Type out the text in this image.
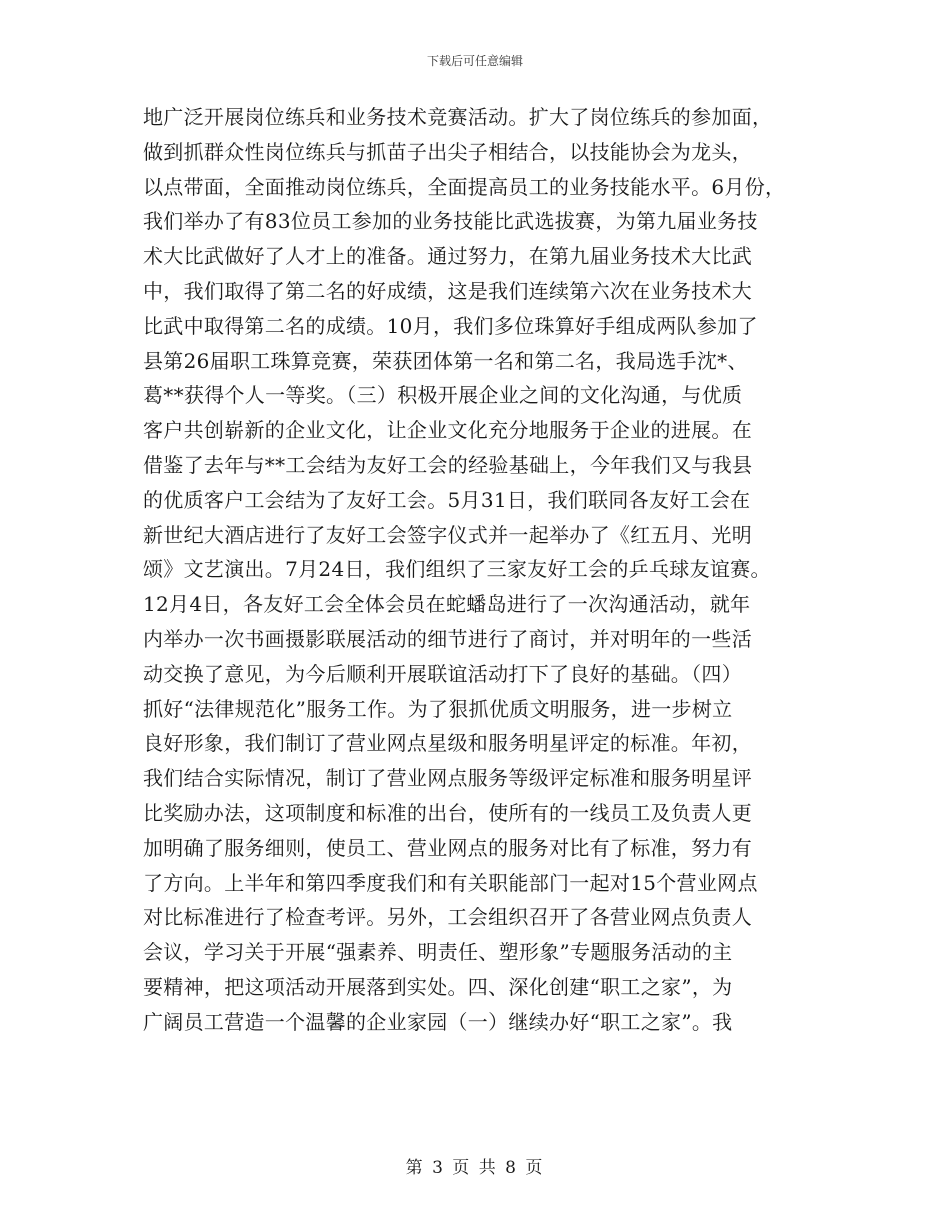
下载后可任意编辑
地广泛开展岗位练兵和业务技术竞赛活动。扩大了岗位练兵的参加面，
做到抓群众性岗位练兵与抓苗子出尖子相结合，以技能协会为龙头，
以点带面，全面推动岗位练兵，全面提高员工的业务技能水平。6月份，
我们举办了有83位员工参加的业务技能比武选拔赛，为第九届业务技
术大比武做好了人才上的准备。通过努力，在第九届业务技术大比武
中，我们取得了第二名的好成绩，这是我们连续第六次在业务技术大
比武中取得第二名的成绩。10月，我们多位珠算好手组成两队参加了
县第26届职工珠算竞赛，荣获团体第一名和第二名，我局选手沈*、
葛**获得个人一等奖。（三）积极开展企业之间的文化沟通，与优质
客户共创崭新的企业文化，让企业文化充分地服务于企业的进展。在
借鉴了去年与**工会结为友好工会的经验基础上，今年我们又与我县
的优质客户工会结为了友好工会。5月31日，我们联同各友好工会在
新世纪大酒店进行了友好工会签字仪式并一起举办了《红五月、光明
颂》文艺演出。7月24日，我们组织了三家友好工会的乒乓球友谊赛。
12月4日，各友好工会全体会员在蛇蟠岛进行了一次沟通活动，就年
内举办一次书画摄影联展活动的细节进行了商讨，并对明年的一些活
动交换了意见，为今后顺利开展联谊活动打下了良好的基础。（四）
抓好“法律规范化”服务工作。为了狠抓优质文明服务，进一步树立
良好形象，我们制订了营业网点星级和服务明星评定的标准。年初，
我们结合实际情况，制订了营业网点服务等级评定标准和服务明星评
比奖励办法，这项制度和标准的出台，使所有的一线员工及负责人更
加明确了服务细则，使员工、营业网点的服务对比有了标准，努力有
了方向。上半年和第四季度我们和有关职能部门一起对15个营业网点
对比标准进行了检查考评。另外，工会组织召开了各营业网点负责人
会议，学习关于开展“强素养、明责任、塑形象”专题服务活动的主
要精神，把这项活动开展落到实处。四、深化创建“职工之家”，为
广阔员工营造一个温馨的企业家园（一）继续办好“职工之家”。我
第 3 页 共 8 页
